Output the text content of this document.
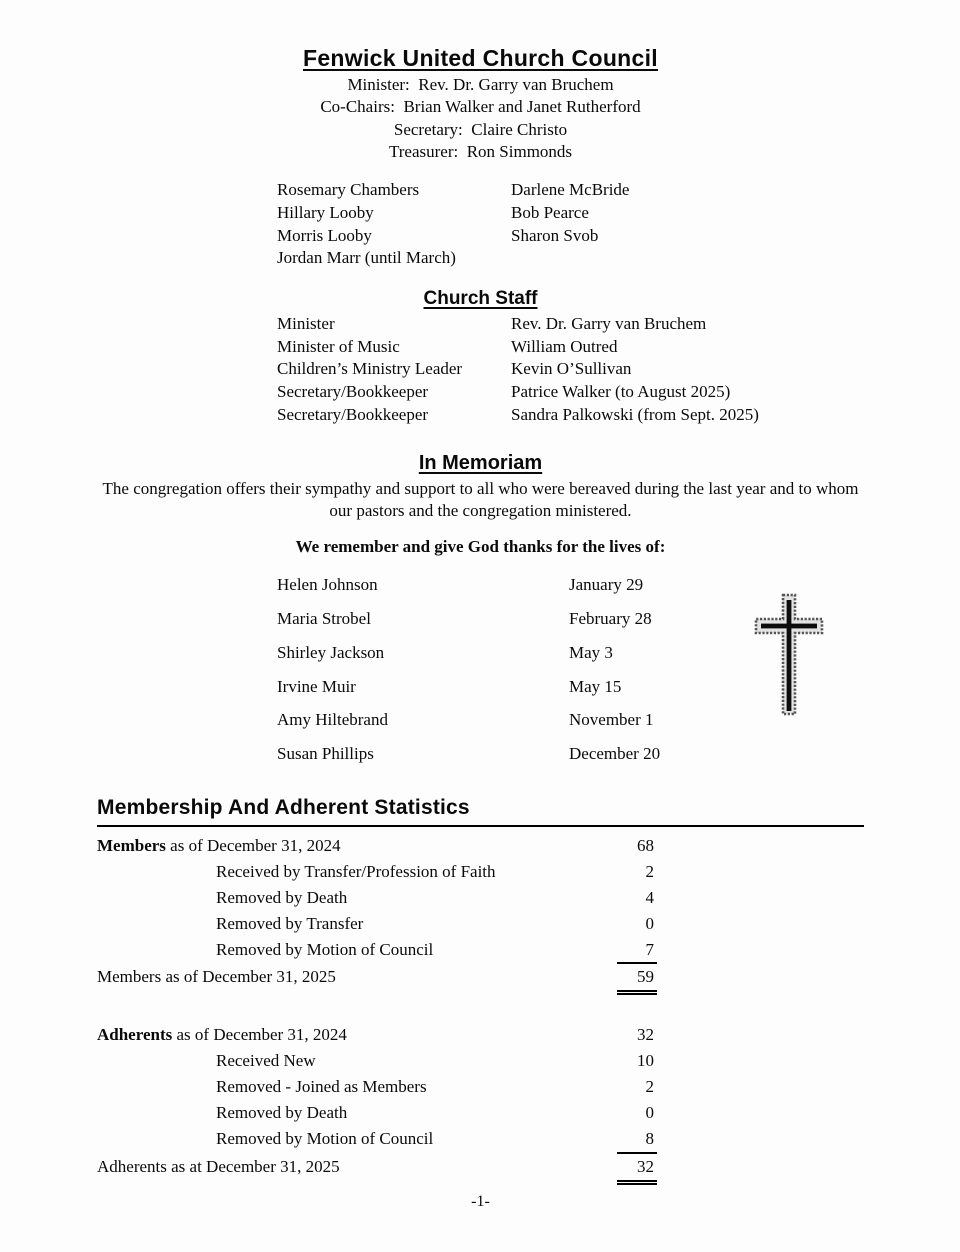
Fenwick United Church Council
Minister:  Rev. Dr. Garry van Bruchem
Co-Chairs:  Brian Walker and Janet Rutherford
Secretary:  Claire Christo
Treasurer:  Ron Simmonds
Rosemary Chambers	Darlene McBride
Hillary Looby	Bob Pearce
Morris Looby	Sharon Svob
Jordan Marr (until March)
Church Staff
Minister	Rev. Dr. Garry van Bruchem
Minister of Music	William Outred
Children’s Ministry Leader	Kevin O’Sullivan
Secretary/Bookkeeper	Patrice Walker (to August 2025)
Secretary/Bookkeeper	Sandra Palkowski (from Sept. 2025)
In Memoriam
The congregation offers their sympathy and support to all who were bereaved during the last year and to whom our pastors and the congregation ministered.
We remember and give God thanks for the lives of:
Helen Johnson	January 29
Maria Strobel	February 28
Shirley Jackson	May 3
Irvine Muir	May 15
Amy Hiltebrand	November 1
Susan Phillips	December 20
Membership And Adherent Statistics
Members as of December 31, 2024	68
Received by Transfer/Profession of Faith	2
Removed by Death	4
Removed by Transfer	0
Removed by Motion of Council	7
Members as of December 31, 2025	59
Adherents as of December 31, 2024	32
Received New	10
Removed - Joined as Members	2
Removed by Death	0
Removed by Motion of Council	8
Adherents as at December 31, 2025	32
-1-
